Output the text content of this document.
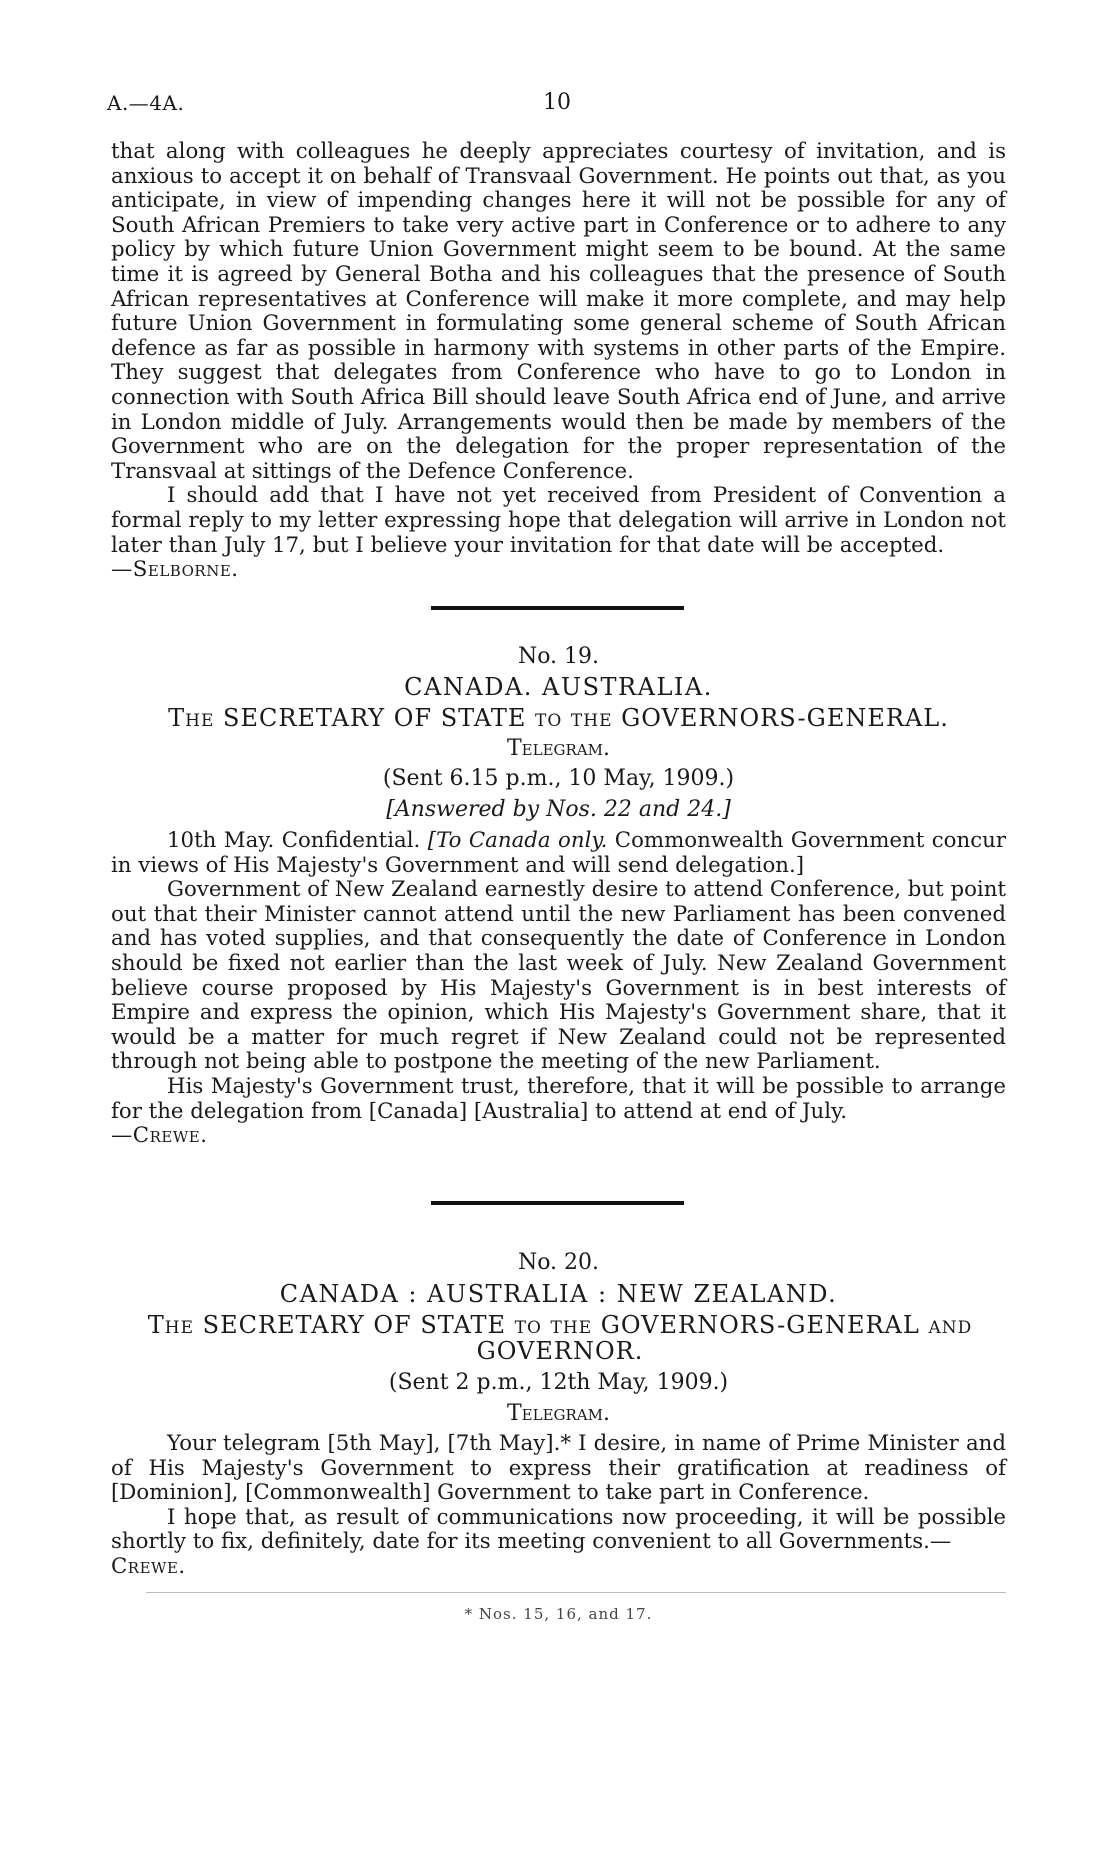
A.—4A.	10

that along with colleagues he deeply appreciates courtesy of invitation, and is anxious to accept it on behalf of Transvaal Government. He points out that, as you anticipate, in view of impending changes here it will not be possible for any of South African Premiers to take very active part in Conference or to adhere to any policy by which future Union Government might seem to be bound. At the same time it is agreed by General Botha and his colleagues that the presence of South African representatives at Conference will make it more complete, and may help future Union Government in formulating some general scheme of South African defence as far as possible in harmony with systems in other parts of the Empire. They suggest that delegates from Conference who have to go to London in connection with South Africa Bill should leave South Africa end of June, and arrive in London middle of July. Arrangements would then be made by members of the Government who are on the delegation for the proper representation of the Transvaal at sittings of the Defence Conference.

I should add that I have not yet received from President of Convention a formal reply to my letter expressing hope that delegation will arrive in London not later than July 17, but I believe your invitation for that date will be accepted.

—Selborne.

No. 19.
CANADA. AUSTRALIA.
The SECRETARY OF STATE to the GOVERNORS-GENERAL.
Telegram.
(Sent 6.15 p.m., 10 May, 1909.)
[Answered by Nos. 22 and 24.]

10th May. Confidential. [To Canada only. Commonwealth Government concur in views of His Majesty's Government and will send delegation.]

Government of New Zealand earnestly desire to attend Conference, but point out that their Minister cannot attend until the new Parliament has been convened and has voted supplies, and that consequently the date of Conference in London should be fixed not earlier than the last week of July. New Zealand Government believe course proposed by His Majesty's Government is in best interests of Empire and express the opinion, which His Majesty's Government share, that it would be a matter for much regret if New Zealand could not be represented through not being able to postpone the meeting of the new Parliament.

His Majesty's Government trust, therefore, that it will be possible to arrange for the delegation from [Canada] [Australia] to attend at end of July.

—Crewe.

No. 20.
CANADA : AUSTRALIA : NEW ZEALAND.
The SECRETARY OF STATE to the GOVERNORS-GENERAL and GOVERNOR.
(Sent 2 p.m., 12th May, 1909.)
Telegram.

Your telegram [5th May], [7th May].* I desire, in name of Prime Minister and of His Majesty's Government to express their gratification at readiness of [Dominion], [Commonwealth] Government to take part in Conference.

I hope that, as result of communications now proceeding, it will be possible shortly to fix, definitely, date for its meeting convenient to all Governments.—

Crewe.

* Nos. 15, 16, and 17.
